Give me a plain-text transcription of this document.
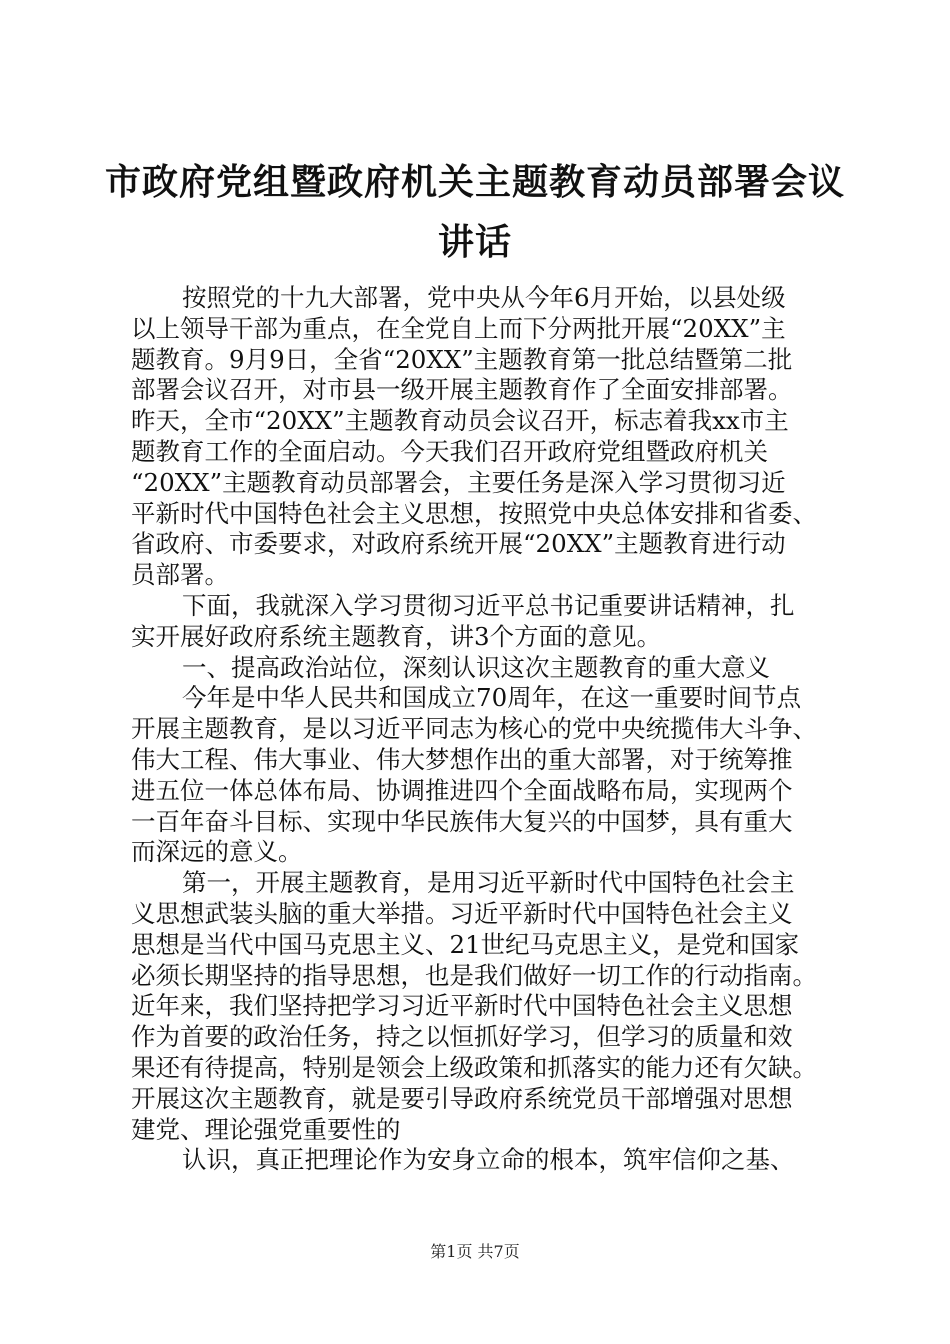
市政府党组暨政府机关主题教育动员部署会议
讲话
按照党的十九大部署，党中央从今年6月开始，以县处级
以上领导干部为重点，在全党自上而下分两批开展“20XX”主
题教育。9月9日，全省“20XX”主题教育第一批总结暨第二批
部署会议召开，对市县一级开展主题教育作了全面安排部署。
昨天，全市“20XX”主题教育动员会议召开，标志着我xx市主
题教育工作的全面启动。今天我们召开政府党组暨政府机关
“20XX”主题教育动员部署会，主要任务是深入学习贯彻习近
平新时代中国特色社会主义思想，按照党中央总体安排和省委、
省政府、市委要求，对政府系统开展“20XX”主题教育进行动
员部署。
下面，我就深入学习贯彻习近平总书记重要讲话精神，扎
实开展好政府系统主题教育，讲3个方面的意见。
一、提高政治站位，深刻认识这次主题教育的重大意义
今年是中华人民共和国成立70周年，在这一重要时间节点
开展主题教育，是以习近平同志为核心的党中央统揽伟大斗争、
伟大工程、伟大事业、伟大梦想作出的重大部署，对于统筹推
进五位一体总体布局、协调推进四个全面战略布局，实现两个
一百年奋斗目标、实现中华民族伟大复兴的中国梦，具有重大
而深远的意义。
第一，开展主题教育，是用习近平新时代中国特色社会主
义思想武装头脑的重大举措。习近平新时代中国特色社会主义
思想是当代中国马克思主义、21世纪马克思主义，是党和国家
必须长期坚持的指导思想，也是我们做好一切工作的行动指南。
近年来，我们坚持把学习习近平新时代中国特色社会主义思想
作为首要的政治任务，持之以恒抓好学习，但学习的质量和效
果还有待提高，特别是领会上级政策和抓落实的能力还有欠缺。
开展这次主题教育，就是要引导政府系统党员干部增强对思想
建党、理论强党重要性的
认识，真正把理论作为安身立命的根本，筑牢信仰之基、
第1页 共7页
